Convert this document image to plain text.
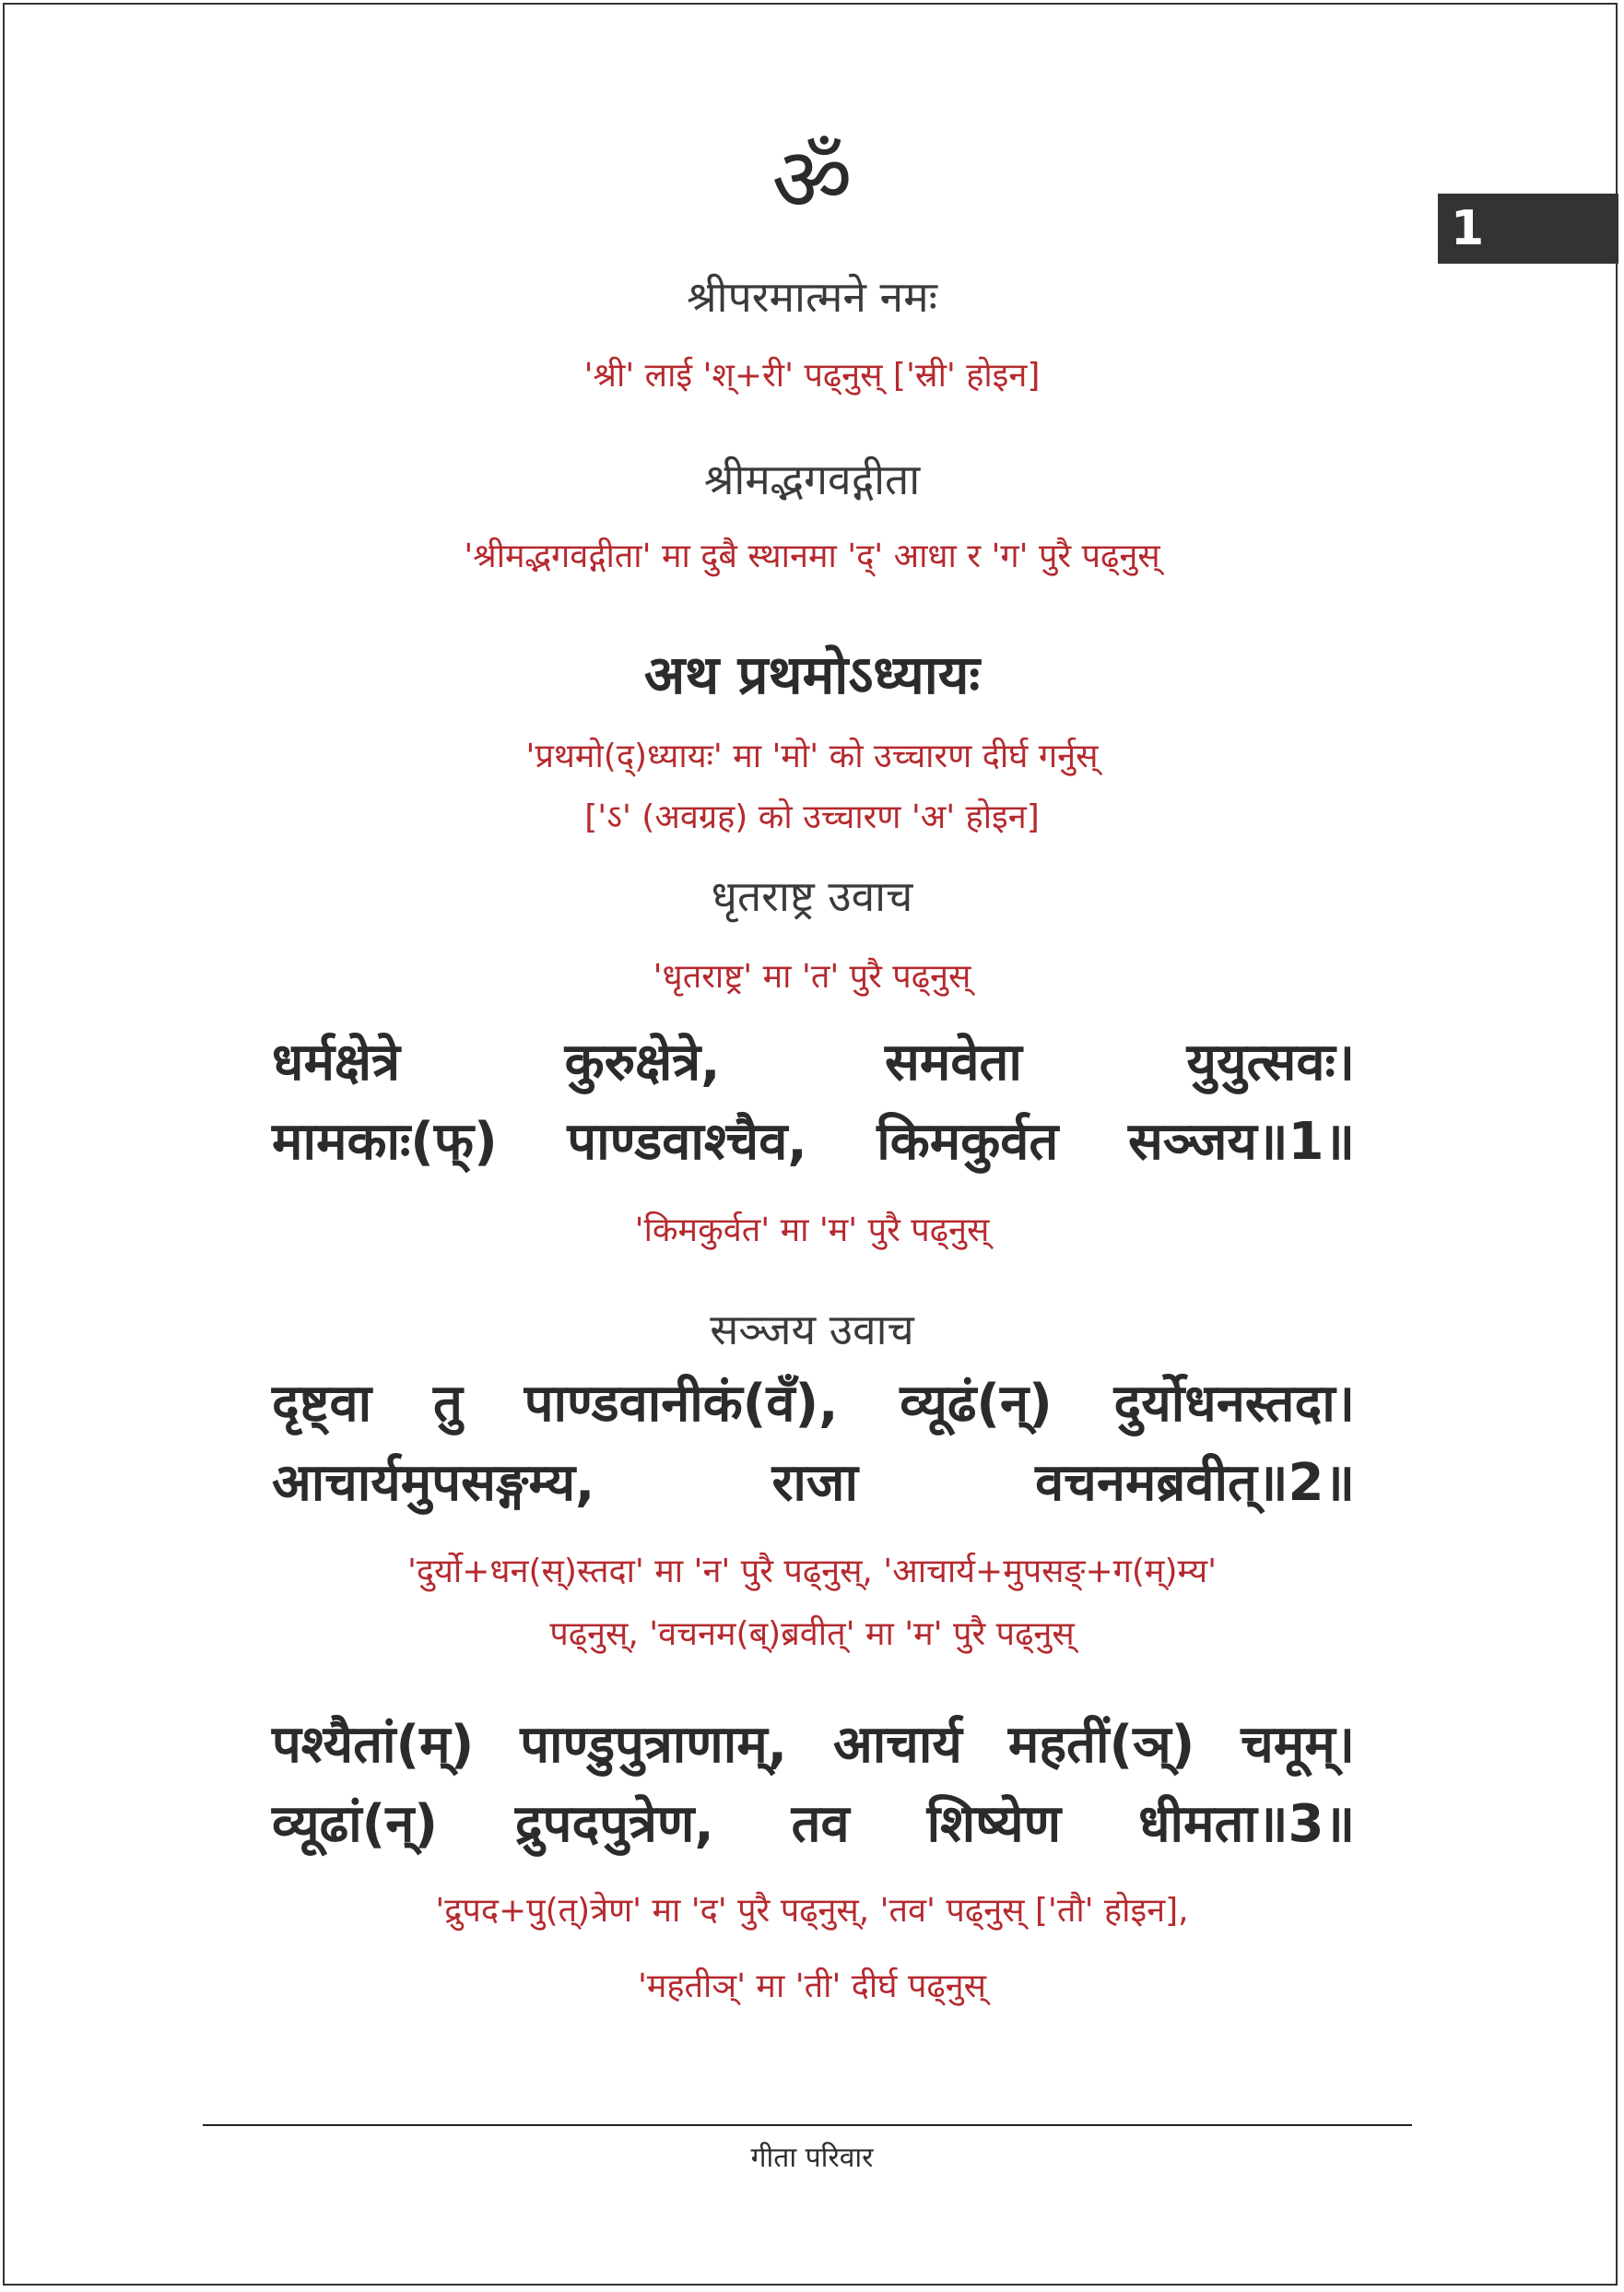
1
ॐ
श्रीपरमात्मने नमः
'श्री' लाई 'श्+री' पढ्नुस् ['स्री' होइन]
श्रीमद्भगवद्गीता
'श्रीमद्भगवद्गीता' मा दुबै स्थानमा 'द्' आधा र 'ग' पुरै पढ्नुस्
अथ प्रथमोऽध्यायः
'प्रथमो(द्)ध्यायः' मा 'मो' को उच्चारण दीर्घ गर्नुस्
['ऽ' (अवग्रह) को उच्चारण 'अ' होइन]
धृतराष्ट्र उवाच
'धृतराष्ट्र' मा 'त' पुरै पढ्नुस्
धर्मक्षेत्रे	कुरुक्षेत्रे,	समवेता	युयुत्सवः।
मामकाः(फ्) पाण्डवाश्चैव, किमकुर्वत सञ्जय॥1॥
'किमकुर्वत' मा 'म' पुरै पढ्नुस्
सञ्जय उवाच
दृष्ट्वा तु पाण्डवानीकं(वँ), व्यूढं(न्) दुर्योधनस्तदा।
आचार्यमुपसङ्गम्य,	राजा	वचनमब्रवीत्॥2॥
'दुर्यो+धन(स्)स्तदा' मा 'न' पुरै पढ्नुस्, 'आचार्य+मुपसङ्+ग(म्)म्य'
पढ्नुस्, 'वचनम(ब्)ब्रवीत्' मा 'म' पुरै पढ्नुस्
पश्यैतां(म्) पाण्डुपुत्राणाम्, आचार्य महतीं(ञ्) चमूम्।
व्यूढां(न्) द्रुपदपुत्रेण, तव शिष्येण धीमता॥3॥
'द्रुपद+पु(त्)त्रेण' मा 'द' पुरै पढ्नुस्, 'तव' पढ्नुस् ['तौ' होइन],
'महतीञ्' मा 'ती' दीर्घ पढ्नुस्
गीता परिवार
